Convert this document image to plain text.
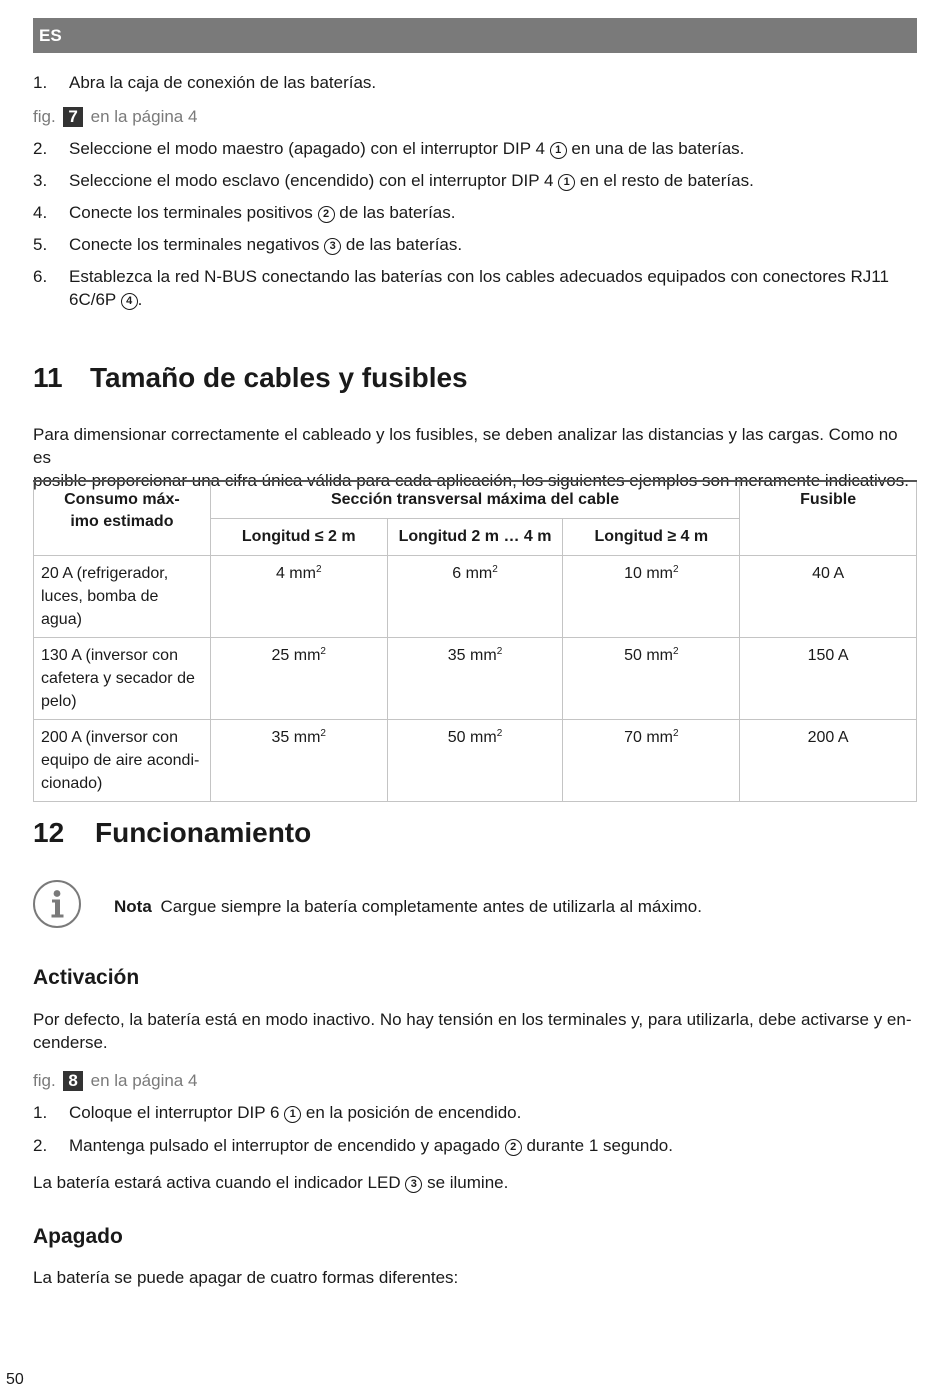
ES
1. Abra la caja de conexión de las baterías.
fig. 7 en la página 4
2. Seleccione el modo maestro (apagado) con el interruptor DIP 4 1 en una de las baterías.
3. Seleccione el modo esclavo (encendido) con el interruptor DIP 4 1 en el resto de baterías.
4. Conecte los terminales positivos 2 de las baterías.
5. Conecte los terminales negativos 3 de las baterías.
6. Establezca la red N-BUS conectando las baterías con los cables adecuados equipados con conectores RJ11
6C/6P 4 .
11 Tamaño de cables y fusibles
Para dimensionar correctamente el cableado y los fusibles, se deben analizar las distancias y las cargas. Como no es
posible proporcionar una cifra única válida para cada aplicación, los siguientes ejemplos son meramente indicativos.
Consumo máx-
imo estimado	Sección transversal máxima del cable			Fusible
	Longitud ≤ 2 m	Longitud 2 m … 4 m	Longitud ≥ 4 m	
20 A (refrigerador,
luces, bomba de agua)	4 $mm^2$	6 $mm^2$	10 $mm^2$	40 A
130 A (inversor con
cafetera y secador de
pelo)	25 $mm^2$	35 $mm^2$	50 $mm^2$	150 A
200 A (inversor con
equipo de aire acondi-
cionado)	35 $mm^2$	50 $mm^2$	70 $mm^2$	200 A
12 Funcionamiento
Nota Cargue siempre la batería completamente antes de utilizarla al máximo.
Activación
Por defecto, la batería está en modo inactivo. No hay tensión en los terminales y, para utilizarla, debe activarse y en-
cenderse.
fig. 8 en la página 4
1. Coloque el interruptor DIP 6 1 en la posición de encendido.
2. Mantenga pulsado el interruptor de encendido y apagado 2 durante 1 segundo.
La batería estará activa cuando el indicador LED 3 se ilumine.
Apagado
La batería se puede apagar de cuatro formas diferentes:
50
